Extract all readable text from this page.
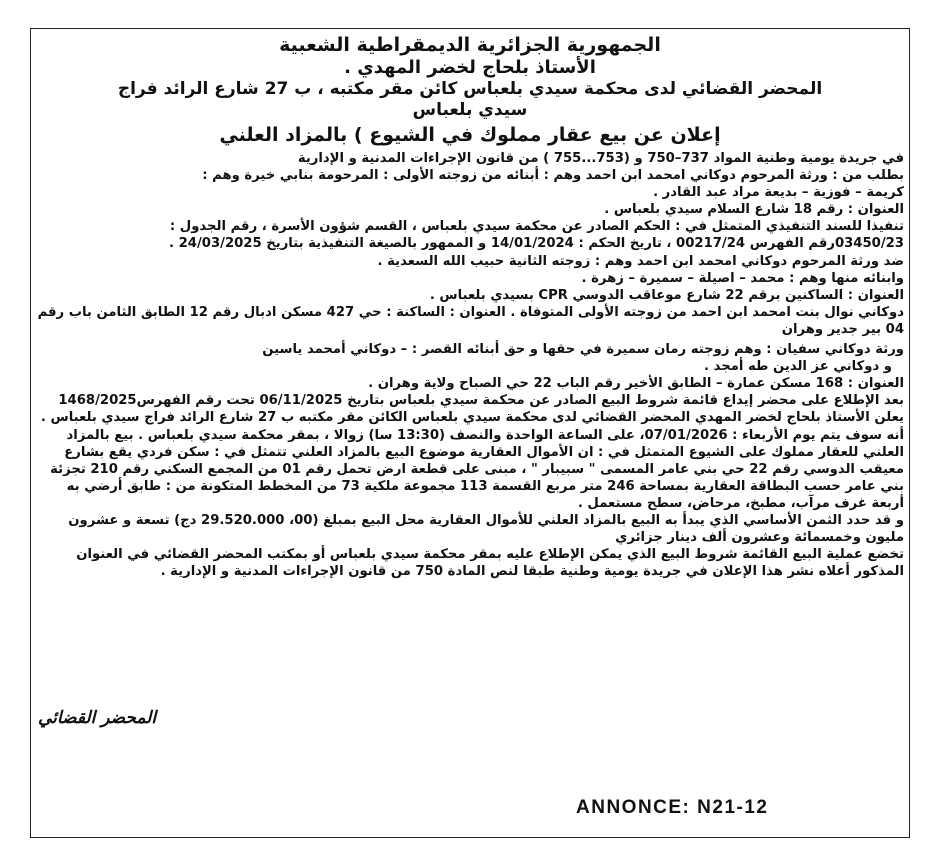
الجمهورية الجزائرية الديمقراطية الشعبية
الأستاذ بلحاج لخضر المهدي .
المحضر القضائي لدى محكمة سيدي بلعباس كائن مقر مكتبه ، ب 27 شارع الرائد فراج
سيدي بلعباس
إعلان عن بيع عقار مملوك في الشيوع ) بالمزاد العلني

في جريدة يومية وطنية المواد 737–750 و (753...755 ) من قانون الإجراءات المدنية و الإدارية

بطلب من : ورثة المرحوم دوكاني امحمد ابن احمد وهم : أبنائه من زوجته الأولى : المرحومة بنابي خيرة وهم :

كريمة – فوزية – بديعة مراد عبد القادر .

العنوان : رقم 18 شارع السلام سيدي بلعباس .

تنفيذا للسند التنفيذي المتمثل في : الحكم الصادر عن محكمة سيدي بلعباس ، القسم شؤون الأسرة ، رقم الجدول :

03450/23رقم الفهرس 00217/24 ، تاريخ الحكم : 14/01/2024 و الممهور بالصيغة التنفيذية بتاريخ 24/03/2025 .

ضد ورثة المرحوم دوكاني امحمد ابن احمد وهم : زوجته الثانية حبيب الله السعدية .

وابنائه منها وهم : محمد – اصيلة – سميرة – زهرة .

العنوان : الساكنين برقم 22 شارع موعاقب الدوسي CPR بسيدي بلعباس .

دوكاني نوال بنت امحمد ابن احمد من زوجته الأولى المتوفاة . العنوان : الساكنة : حي 427 مسكن ادبال رقم 12 الطابق الثامن باب رقم 04 بير جدير وهران

ورثة دوكاني سفيان : وهم زوجته رمان سميرة في حقها و حق أبنائه القصر : – دوكاني أمحمد ياسين

و دوكاني عز الدين طه أمجد .

العنوان : 168 مسكن عمارة – الطابق الأخير رقم الباب 22 حي الصباح ولاية وهران .

بعد الإطلاع على محضر إيداع قائمة شروط البيع الصادر عن محكمة سيدي بلعباس بتاريخ 06/11/2025 تحت رقم الفهرس1468/2025

يعلن الأستاذ بلحاج لخضر المهدي المحضر القضائي لدى محكمة سيدي بلعباس الكائن مقر مكتبه ب 27 شارع الرائد فراج سيدي بلعباس .

أنه سوف يتم يوم الأربعاء : 07/01/2026، على الساعة الواحدة والنصف (13:30 سا) زوالا ، بمقر محكمة سيدي بلعباس . بيع بالمزاد العلني للعقار مملوك على الشيوع المتمثل في : ان الأموال العقارية موضوع البيع بالمزاد العلني تتمثل في : سكن فردي يقع بشارع معيقب الدوسي رقم 22 حي بني عامر المسمى " سبيبار " ، مبنى على قطعة ارض تحمل رقم 01 من المجمع السكني رقم 210 تجزئة بني عامر حسب البطاقة العقارية بمساحة 246 متر مربع القسمة 113 مجموعة ملكية 73 من المخطط المتكونة من : طابق أرضي به أربعة غرف مرآب، مطبخ، مرحاض، سطح مستعمل .

و قد حدد الثمن الأساسي الذي يبدأ به البيع بالمزاد العلني للأموال العقارية محل البيع بمبلغ (00، 29.520.000 دج) تسعة و عشرون مليون وخمسمائة وعشرون ألف دينار جزائري

تخضع عملية البيع القائمة شروط البيع الذي يمكن الإطلاع عليه بمقر محكمة سيدي بلعباس أو بمكتب المحضر القضائي في العنوان المذكور أعلاه نشر هذا الإعلان في جريدة يومية وطنية طبقا لنص المادة 750 من قانون الإجراءات المدنية و الإدارية .

المحضر القضائي
ANNONCE: N21-12
